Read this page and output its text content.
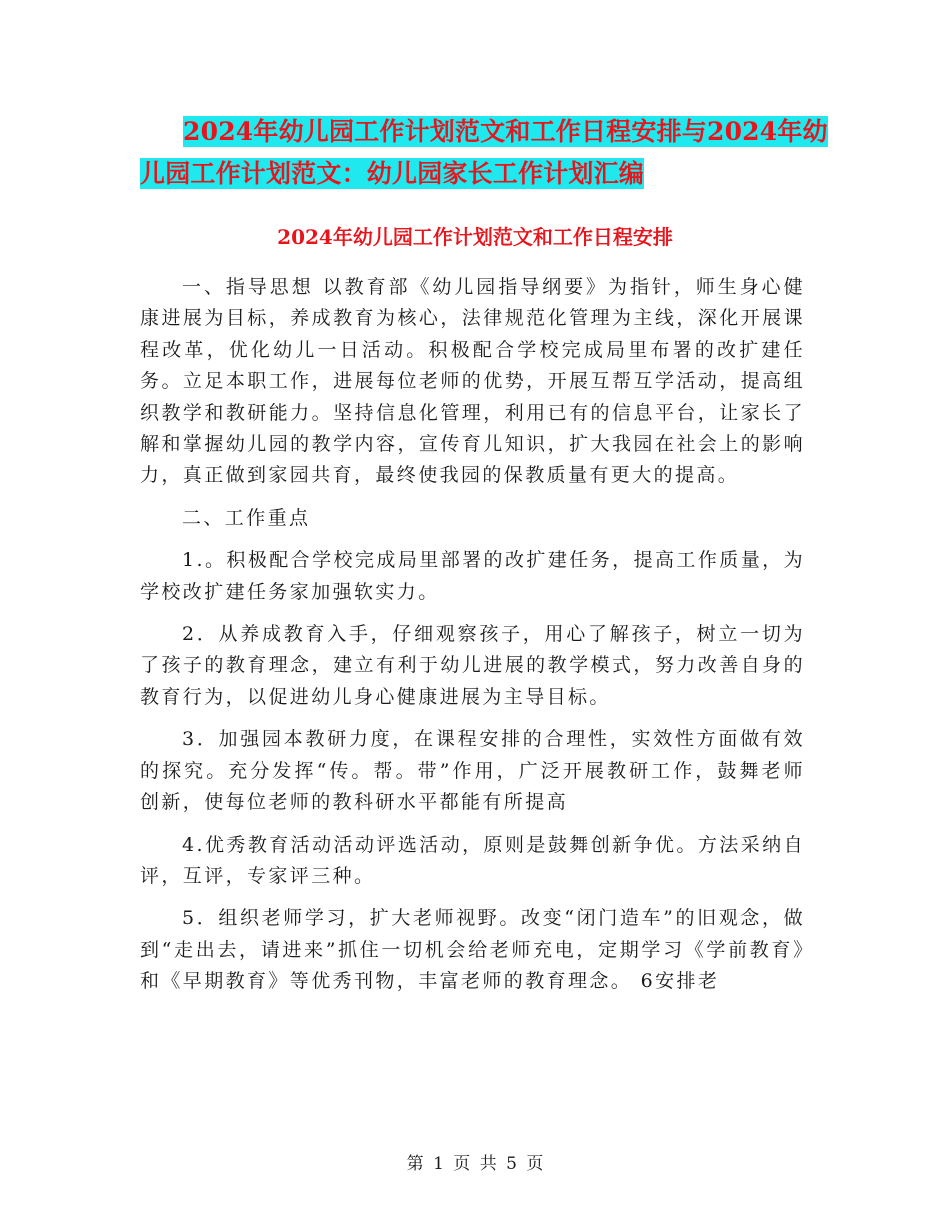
2024年幼儿园工作计划范文和工作日程安排与2024年幼儿园工作计划范文：幼儿园家长工作计划汇编
2024年幼儿园工作计划范文和工作日程安排

一、指导思想 以教育部《幼儿园指导纲要》为指针，师生身心健康进展为目标，养成教育为核心，法律规范化管理为主线，深化开展课程改革，优化幼儿一日活动。积极配合学校完成局里布署的改扩建任务。立足本职工作，进展每位老师的优势，开展互帮互学活动，提高组织教学和教研能力。坚持信息化管理，利用已有的信息平台，让家长了解和掌握幼儿园的教学内容，宣传育儿知识，扩大我园在社会上的影响力，真正做到家园共育，最终使我园的保教质量有更大的提高。

二、工作重点

1.。积极配合学校完成局里部署的改扩建任务，提高工作质量，为学校改扩建任务家加强软实力。

2．从养成教育入手，仔细观察孩子，用心了解孩子，树立一切为了孩子的教育理念，建立有利于幼儿进展的教学模式，努力改善自身的教育行为，以促进幼儿身心健康进展为主导目标。

3．加强园本教研力度，在课程安排的合理性，实效性方面做有效的探究。充分发挥“传。帮。带”作用，广泛开展教研工作，鼓舞老师创新，使每位老师的教科研水平都能有所提高

4.优秀教育活动活动评选活动，原则是鼓舞创新争优。方法采纳自评，互评，专家评三种。

5．组织老师学习，扩大老师视野。改变“闭门造车”的旧观念，做到“走出去，请进来”抓住一切机会给老师充电，定期学习《学前教育》和《早期教育》等优秀刊物，丰富老师的教育理念。 6安排老

第 1 页 共 5 页
